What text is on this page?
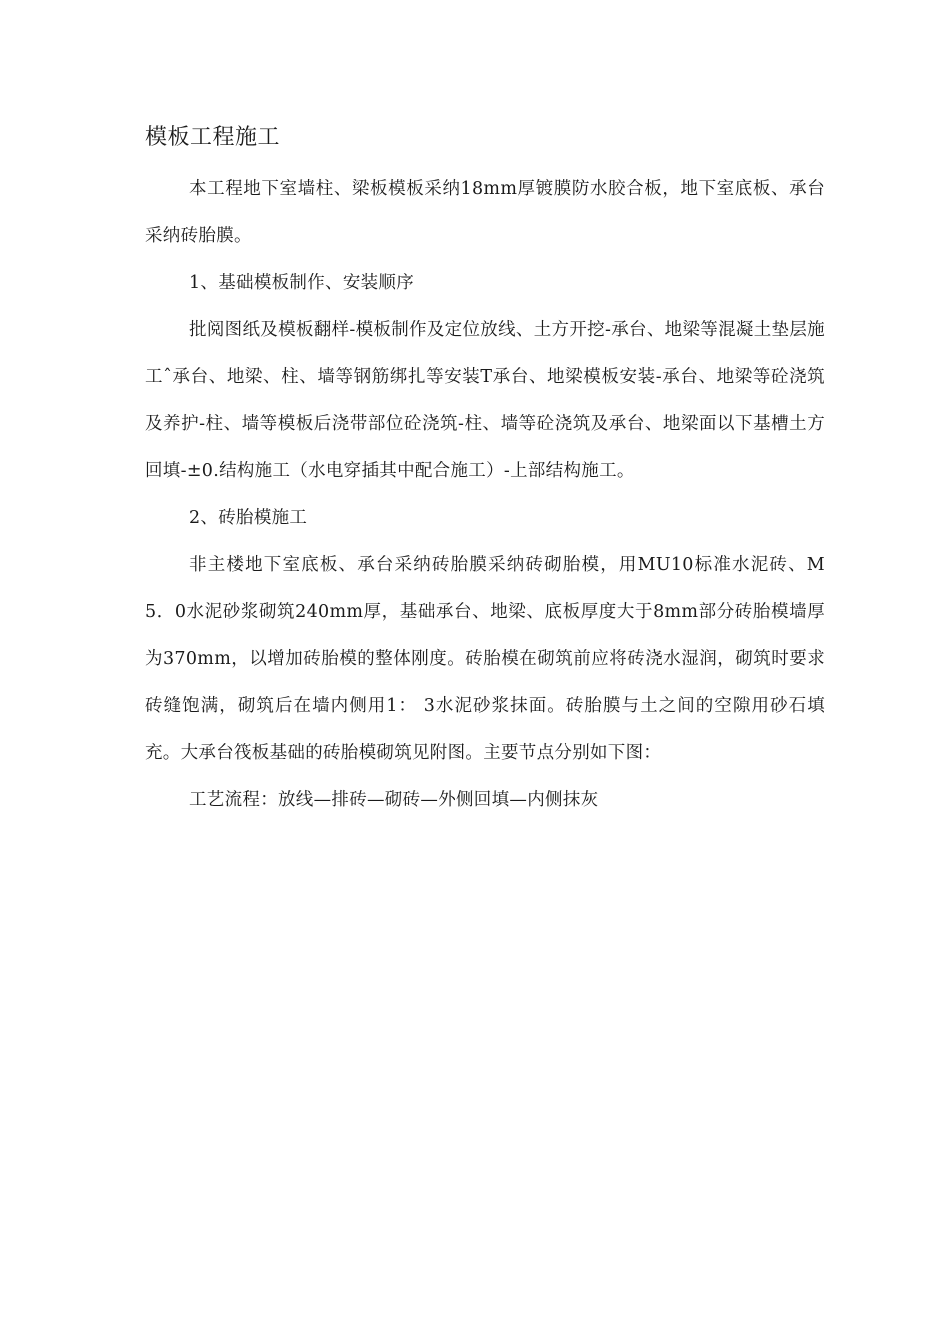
模板工程施工

本工程地下室墙柱、梁板模板采纳18mm厚镀膜防水胶合板，地下室底板、承台采纳砖胎膜。

1、基础模板制作、安装顺序

批阅图纸及模板翻样-模板制作及定位放线、土方开挖-承台、地梁等混凝土垫层施工ˆ承台、地梁、柱、墙等钢筋绑扎等安装T承台、地梁模板安装-承台、地梁等砼浇筑及养护-柱、墙等模板后浇带部位砼浇筑-柱、墙等砼浇筑及承台、地梁面以下基槽土方回填-±0.结构施工（水电穿插其中配合施工）-上部结构施工。

2、砖胎模施工

非主楼地下室底板、承台采纳砖胎膜采纳砖砌胎模，用MU10标准水泥砖、M5．0水泥砂浆砌筑240mm厚，基础承台、地梁、底板厚度大于8mm部分砖胎模墙厚为370mm，以增加砖胎模的整体刚度。砖胎模在砌筑前应将砖浇水湿润，砌筑时要求砖缝饱满，砌筑后在墙内侧用1： 3水泥砂浆抹面。砖胎膜与土之间的空隙用砂石填充。大承台筏板基础的砖胎模砌筑见附图。主要节点分别如下图：

工艺流程：放线—排砖—砌砖—外侧回填—内侧抹灰
